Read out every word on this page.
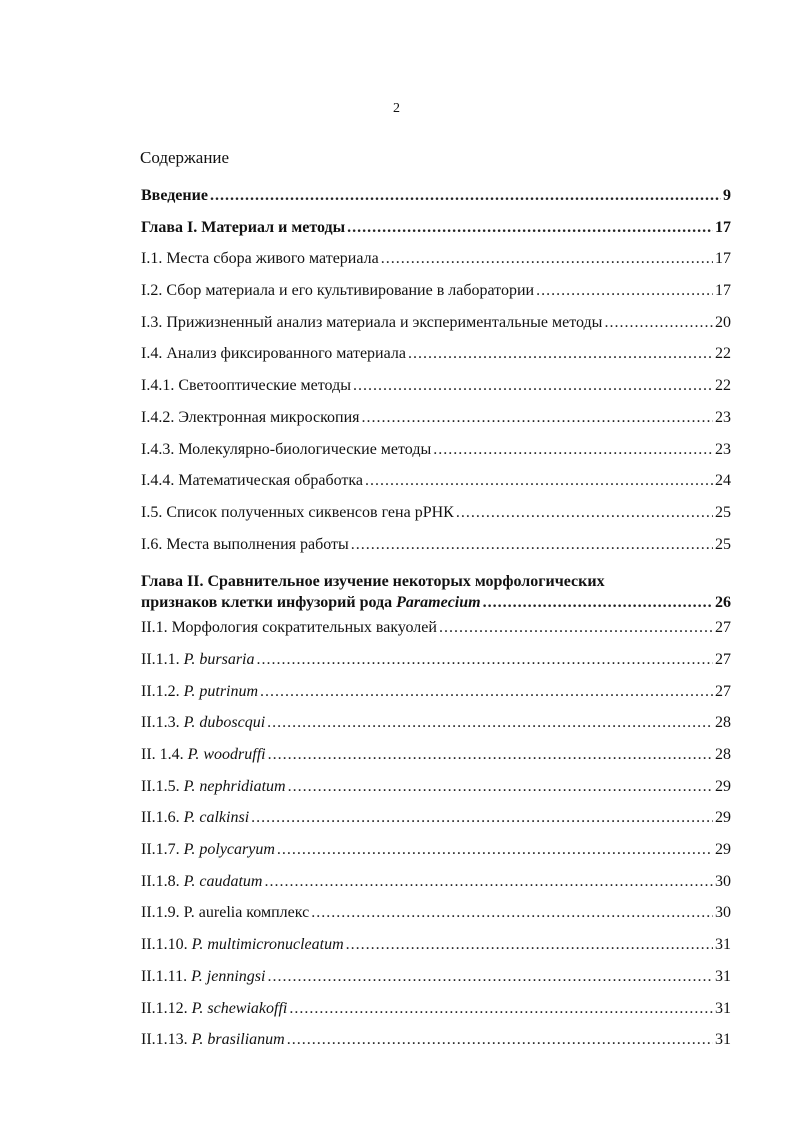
2
Содержание
Введение .....	9
Глава I. Материал и методы .....	17
I.1. Места сбора живого материала .....	17
I.2. Сбор материала и его культивирование в лаборатории .....	17
I.3. Прижизненный анализ материала и экспериментальные методы .....	20
I.4. Анализ фиксированного материала .....	22
I.4.1. Светооптические методы .....	22
I.4.2. Электронная микроскопия .....	23
I.4.3. Молекулярно-биологические методы .....	23
I.4.4. Математическая обработка .....	24
I.5. Список полученных сиквенсов гена рРНК .....	25
I.6. Места выполнения работы .....	25
Глава II. Сравнительное изучение некоторых морфологических
признаков клетки инфузорий рода Paramecium .....	26
II.1. Морфология сократительных вакуолей .....	27
II.1.1. P. bursaria .....	27
II.1.2. P. putrinum .....	27
II.1.3. P. duboscqui .....	28
II. 1.4. P. woodruffi .....	28
II.1.5. P. nephridiatum .....	29
II.1.6. P. calkinsi .....	29
II.1.7. P. polycaryum .....	29
II.1.8. P. caudatum .....	30
II.1.9. P. aurelia комплекс .....	30
II.1.10. P. multimicronucleatum .....	31
II.1.11. P. jenningsi .....	31
II.1.12. P. schewiakoffi .....	31
II.1.13. P. brasilianum .....	31
